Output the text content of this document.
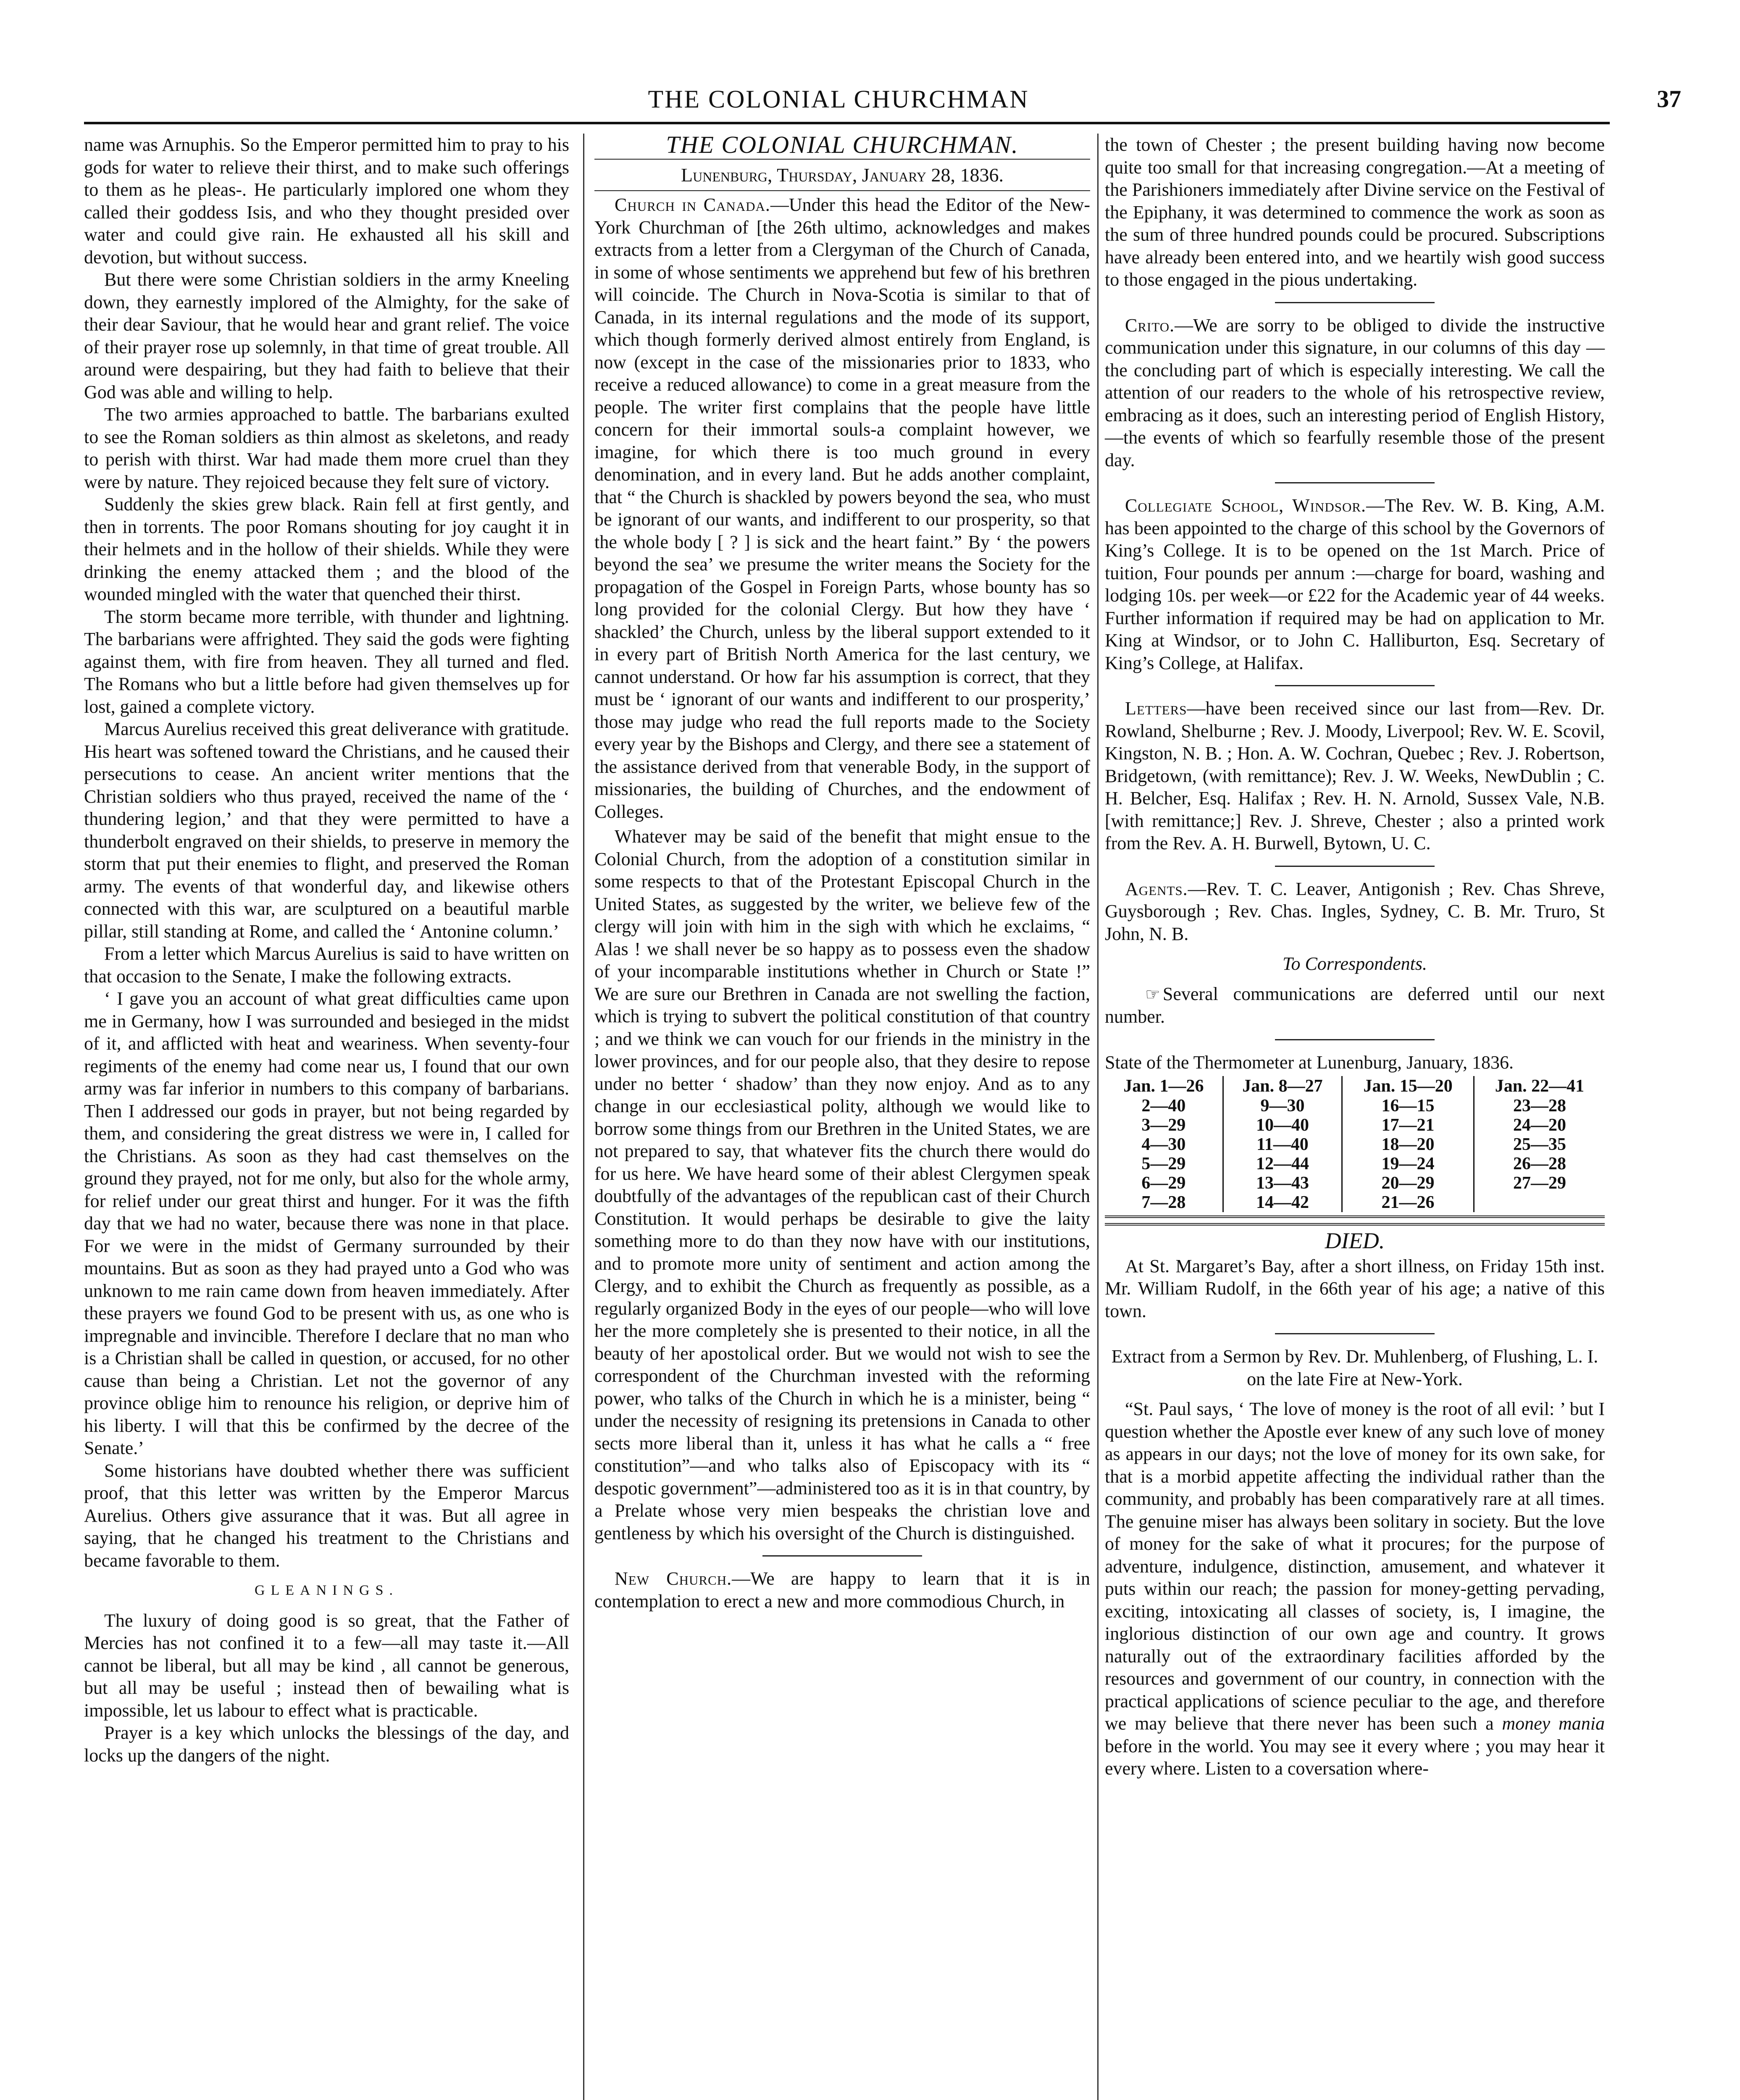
THE COLONIAL CHURCHMAN	37

name was Arnuphis. So the Emperor permitted him to pray to his gods for water to relieve their thirst, and to make such offerings to them as he pleas-. He particularly implored one whom they called their goddess Isis, and who they thought presided over water and could give rain. He exhausted all his skill and devotion, but without success.

But there were some Christian soldiers in the army Kneeling down, they earnestly implored of the Almighty, for the sake of their dear Saviour, that he would hear and grant relief. The voice of their prayer rose up solemnly, in that time of great trouble. All around were despairing, but they had faith to believe that their God was able and willing to help.

The two armies approached to battle. The barbarians exulted to see the Roman soldiers as thin almost as skeletons, and ready to perish with thirst. War had made them more cruel than they were by nature. They rejoiced because they felt sure of victory.

Suddenly the skies grew black. Rain fell at first gently, and then in torrents. The poor Romans shouting for joy caught it in their helmets and in the hollow of their shields. While they were drinking the enemy attacked them ; and the blood of the wounded mingled with the water that quenched their thirst.

The storm became more terrible, with thunder and lightning. The barbarians were affrighted. They said the gods were fighting against them, with fire from heaven. They all turned and fled. The Romans who but a little before had given themselves up for lost, gained a complete victory.

Marcus Aurelius received this great deliverance with gratitude. His heart was softened toward the Christians, and he caused their persecutions to cease. An ancient writer mentions that the Christian soldiers who thus prayed, received the name of the ‘ thundering legion,’ and that they were permitted to have a thunderbolt engraved on their shields, to preserve in memory the storm that put their enemies to flight, and preserved the Roman army. The events of that wonderful day, and likewise others connected with this war, are sculptured on a beautiful marble pillar, still standing at Rome, and called the ‘ Antonine column.’

From a letter which Marcus Aurelius is said to have written on that occasion to the Senate, I make the following extracts.

‘ I gave you an account of what great difficulties came upon me in Germany, how I was surrounded and besieged in the midst of it, and afflicted with heat and weariness. When seventy-four regiments of the enemy had come near us, I found that our own army was far inferior in numbers to this company of barbarians. Then I addressed our gods in prayer, but not being regarded by them, and considering the great distress we were in, I called for the Christians. As soon as they had cast themselves on the ground they prayed, not for me only, but also for the whole army, for relief under our great thirst and hunger. For it was the fifth day that we had no water, because there was none in that place. For we were in the midst of Germany surrounded by their mountains. But as soon as they had prayed unto a God who was unknown to me rain came down from heaven immediately. After these prayers we found God to be present with us, as one who is impregnable and invincible. Therefore I declare that no man who is a Christian shall be called in question, or accused, for no other cause than being a Christian. Let not the governor of any province oblige him to renounce his religion, or deprive him of his liberty. I will that this be confirmed by the decree of the Senate.’

Some historians have doubted whether there was sufficient proof, that this letter was written by the Emperor Marcus Aurelius. Others give assurance that it was. But all agree in saying, that he changed his treatment to the Christians and became favorable to them.

GLEANINGS.

The luxury of doing good is so great, that the Father of Mercies has not confined it to a few—all may taste it.—All cannot be liberal, but all may be kind , all cannot be generous, but all may be useful ; instead then of bewailing what is impossible, let us labour to effect what is practicable.

Prayer is a key which unlocks the blessings of the day, and locks up the dangers of the night.

THE COLONIAL CHURCHMAN.

Lunenburg, Thursday, January 28, 1836.

Church in Canada.—Under this head the Editor of the New-York Churchman of [the 26th ultimo, acknowledges and makes extracts from a letter from a Clergyman of the Church of Canada, in some of whose sentiments we apprehend but few of his brethren will coincide. The Church in Nova-Scotia is similar to that of Canada, in its internal regulations and the mode of its support, which though formerly derived almost entirely from England, is now (except in the case of the missionaries prior to 1833, who receive a reduced allowance) to come in a great measure from the people. The writer first complains that the people have little concern for their immortal souls-a complaint however, we imagine, for which there is too much ground in every denomination, and in every land. But he adds another complaint, that “ the Church is shackled by powers beyond the sea, who must be ignorant of our wants, and indifferent to our prosperity, so that the whole body [ ? ] is sick and the heart faint.” By ‘ the powers beyond the sea’ we presume the writer means the Society for the propagation of the Gospel in Foreign Parts, whose bounty has so long provided for the colonial Clergy. But how they have ‘ shackled’ the Church, unless by the liberal support extended to it in every part of British North America for the last century, we cannot understand. Or how far his assumption is correct, that they must be ‘ ignorant of our wants and indifferent to our prosperity,’ those may judge who read the full reports made to the Society every year by the Bishops and Clergy, and there see a statement of the assistance derived from that venerable Body, in the support of missionaries, the building of Churches, and the endowment of Colleges.

Whatever may be said of the benefit that might ensue to the Colonial Church, from the adoption of a constitution similar in some respects to that of the Protestant Episcopal Church in the United States, as suggested by the writer, we believe few of the clergy will join with him in the sigh with which he exclaims, “ Alas ! we shall never be so happy as to possess even the shadow of your incomparable institutions whether in Church or State !” We are sure our Brethren in Canada are not swelling the faction, which is trying to subvert the political constitution of that country ; and we think we can vouch for our friends in the ministry in the lower provinces, and for our people also, that they desire to repose under no better ‘ shadow’ than they now enjoy. And as to any change in our ecclesiastical polity, although we would like to borrow some things from our Brethren in the United States, we are not prepared to say, that whatever fits the church there would do for us here. We have heard some of their ablest Clergymen speak doubtfully of the advantages of the republican cast of their Church Constitution. It would perhaps be desirable to give the laity something more to do than they now have with our institutions, and to promote more unity of sentiment and action among the Clergy, and to exhibit the Church as frequently as possible, as a regularly organized Body in the eyes of our people—who will love her the more completely she is presented to their notice, in all the beauty of her apostolical order. But we would not wish to see the correspondent of the Churchman invested with the reforming power, who talks of the Church in which he is a minister, being “ under the necessity of resigning its pretensions in Canada to other sects more liberal than it, unless it has what he calls a “ free constitution”—and who talks also of Episcopacy with its “ despotic government”—administered too as it is in that country, by a Prelate whose very mien bespeaks the christian love and gentleness by which his oversight of the Church is distinguished.

New Church.—We are happy to learn that it is in contemplation to erect a new and more commodious Church, in

the town of Chester ; the present building having now become quite too small for that increasing congregation.—At a meeting of the Parishioners immediately after Divine service on the Festival of the Epiphany, it was determined to commence the work as soon as the sum of three hundred pounds could be procured. Subscriptions have already been entered into, and we heartily wish good success to those engaged in the pious undertaking.

Crito.—We are sorry to be obliged to divide the instructive communication under this signature, in our columns of this day —the concluding part of which is especially interesting. We call the attention of our readers to the whole of his retrospective review, embracing as it does, such an interesting period of English History,—the events of which so fearfully resemble those of the present day.

Collegiate School, Windsor.—The Rev. W. B. King, A.M. has been appointed to the charge of this school by the Governors of King’s College. It is to be opened on the 1st March. Price of tuition, Four pounds per annum :—charge for board, washing and lodging 10s. per week—or £22 for the Academic year of 44 weeks. Further information if required may be had on application to Mr. King at Windsor, or to John C. Halliburton, Esq. Secretary of King’s College, at Halifax.

Letters—have been received since our last from—Rev. Dr. Rowland, Shelburne ; Rev. J. Moody, Liverpool; Rev. W. E. Scovil, Kingston, N. B. ; Hon. A. W. Cochran, Quebec ; Rev. J. Robertson, Bridgetown, (with remittance); Rev. J. W. Weeks, NewDublin ; C. H. Belcher, Esq. Halifax ; Rev. H. N. Arnold, Sussex Vale, N.B. [with remittance;] Rev. J. Shreve, Chester ; also a printed work from the Rev. A. H. Burwell, Bytown, U. C.

Agents.—Rev. T. C. Leaver, Antigonish ; Rev. Chas Shreve, Guysborough ; Rev. Chas. Ingles, Sydney, C. B. Mr. Truro, St John, N. B.

To Correspondents.

☞ Several communications are deferred until our next number.

State of the Thermometer at Lunenburg, January, 1836.

Jan. 1—26	Jan. 8—27	Jan. 15—20	Jan. 22—41
2—40	9—30	16—15	23—28
3—29	10—40	17—21	24—20
4—30	11—40	18—20	25—35
5—29	12—44	19—24	26—28
6—29	13—43	20—29	27—29
7—28	14—42	21—26	

DIED.

At St. Margaret’s Bay, after a short illness, on Friday 15th inst. Mr. William Rudolf, in the 66th year of his age; a native of this town.

Extract from a Sermon by Rev. Dr. Muhlenberg, of Flushing, L. I. on the late Fire at New-York.

“St. Paul says, ‘ The love of money is the root of all evil: ’ but I question whether the Apostle ever knew of any such love of money as appears in our days; not the love of money for its own sake, for that is a morbid appetite affecting the individual rather than the community, and probably has been comparatively rare at all times. The genuine miser has always been solitary in society. But the love of money for the sake of what it procures; for the purpose of adventure, indulgence, distinction, amusement, and whatever it puts within our reach; the passion for money-getting pervading, exciting, intoxicating all classes of society, is, I imagine, the inglorious distinction of our own age and country. It grows naturally out of the extraordinary facilities afforded by the resources and government of our country, in connection with the practical applications of science peculiar to the age, and therefore we may believe that there never has been such a money mania before in the world. You may see it every where ; you may hear it every where. Listen to a coversation where-
